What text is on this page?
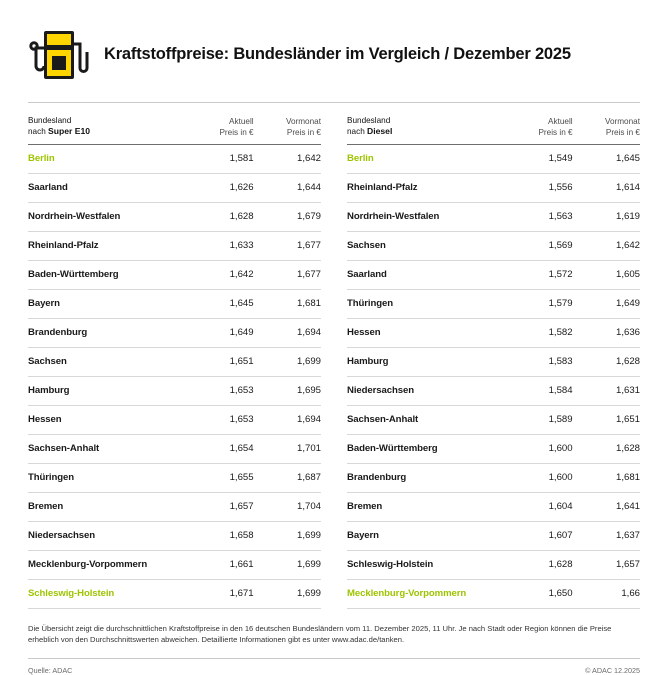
Kraftstoffpreise: Bundesländer im Vergleich / Dezember 2025
Bundesland
nach Super E10

Aktuell
Preis in €

Vormonat
Preis in €

Berlin	1,581	1,642
Saarland	1,626	1,644
Nordrhein-Westfalen	1,628	1,679
Rheinland-Pfalz	1,633	1,677
Baden-Württemberg	1,642	1,677
Bayern	1,645	1,681
Brandenburg	1,649	1,694
Sachsen	1,651	1,699
Hamburg	1,653	1,695
Hessen	1,653	1,694
Sachsen-Anhalt	1,654	1,701
Thüringen	1,655	1,687
Bremen	1,657	1,704
Niedersachsen	1,658	1,699
Mecklenburg-Vorpommern	1,661	1,699
Schleswig-Holstein	1,671	1,699
Bundesland
nach Diesel

Aktuell
Preis in €

Vormonat
Preis in €

Berlin	1,549	1,645
Rheinland-Pfalz	1,556	1,614
Nordrhein-Westfalen	1,563	1,619
Sachsen	1,569	1,642
Saarland	1,572	1,605
Thüringen	1,579	1,649
Hessen	1,582	1,636
Hamburg	1,583	1,628
Niedersachsen	1,584	1,631
Sachsen-Anhalt	1,589	1,651
Baden-Württemberg	1,600	1,628
Brandenburg	1,600	1,681
Bremen	1,604	1,641
Bayern	1,607	1,637
Schleswig-Holstein	1,628	1,657
Mecklenburg-Vorpommern	1,650	1,66
Die Übersicht zeigt die durchschnittlichen Kraftstoffpreise in den 16 deutschen Bundesländern vom 11. Dezember 2025, 11 Uhr. Je nach Stadt oder Region können die Preise erheblich von den Durchschnittswerten abweichen. Detaillierte Informationen gibt es unter www.adac.de/tanken.
Quelle: ADAC	© ADAC 12.2025
